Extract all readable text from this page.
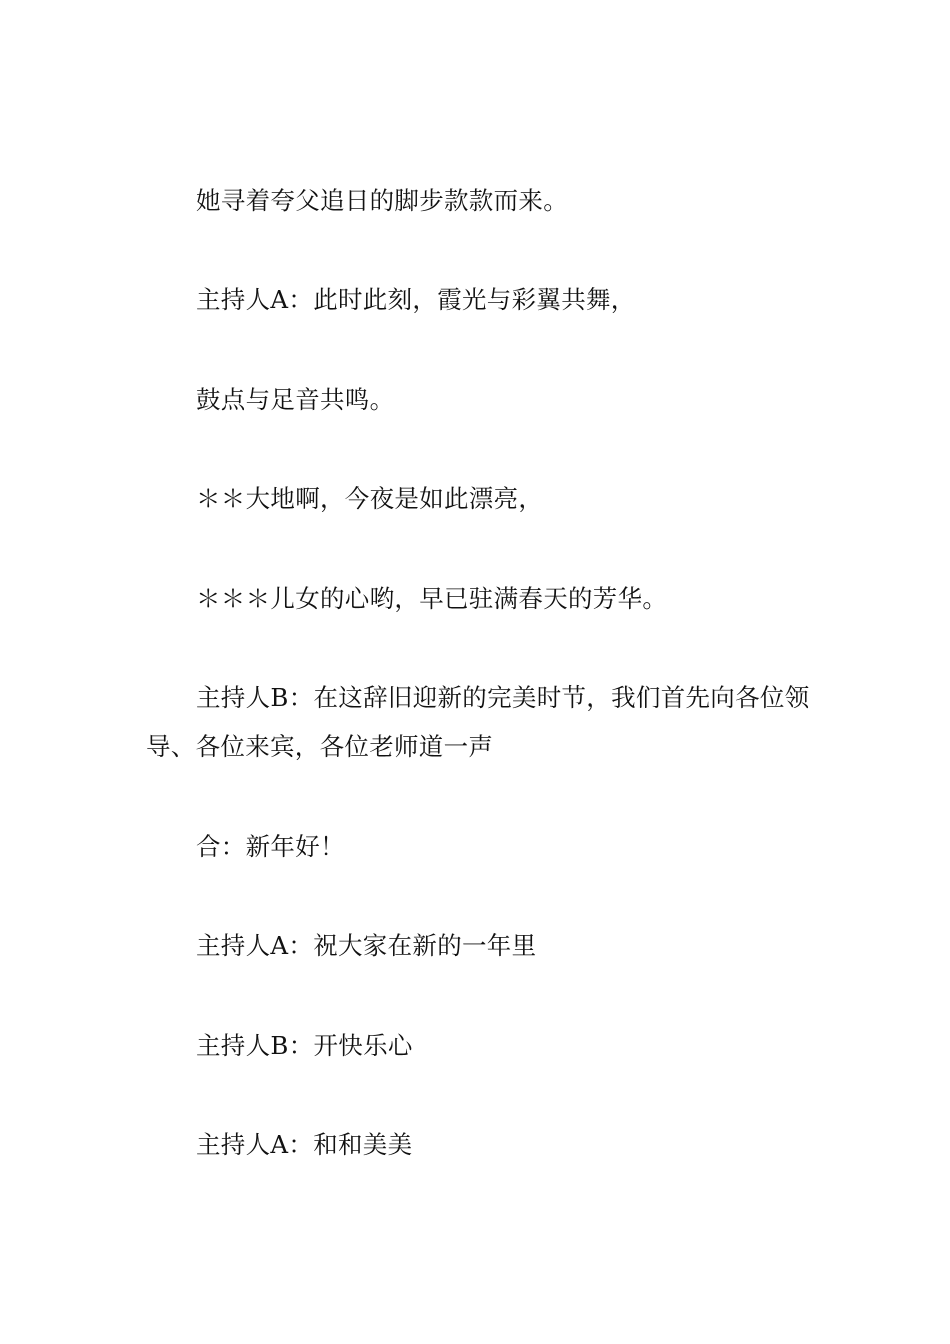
她寻着夸父追日的脚步款款而来。

主持人A：此时此刻，霞光与彩翼共舞，

鼓点与足音共鸣。

＊＊大地啊，今夜是如此漂亮，

＊＊＊儿女的心哟，早已驻满春天的芳华。

主持人B：在这辞旧迎新的完美时节，我们首先向各位领导、各位来宾，各位老师道一声

合：新年好！

主持人A：祝大家在新的一年里

主持人B：开快乐心

主持人A：和和美美
